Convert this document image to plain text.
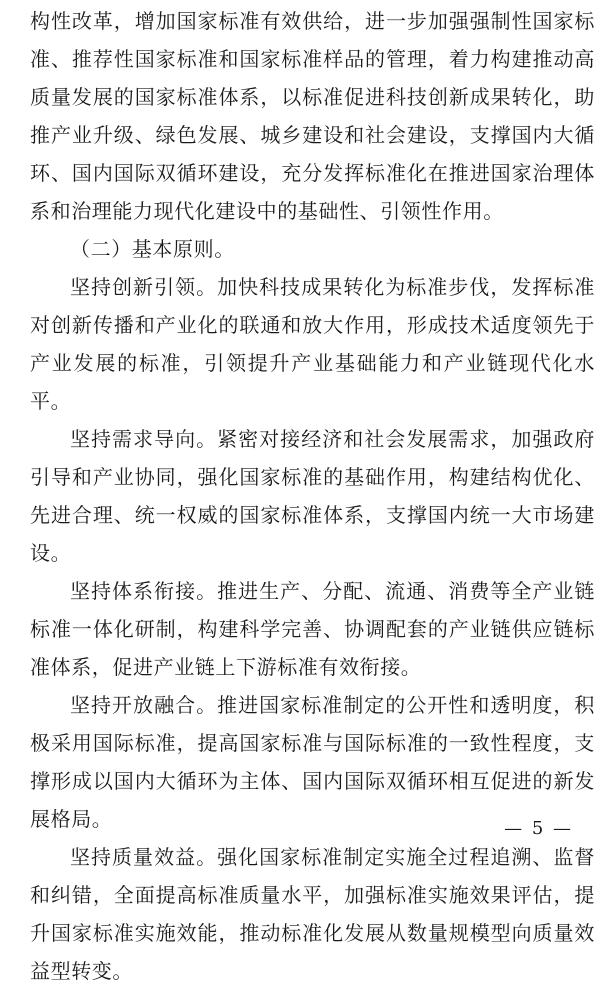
构性改革，增加国家标准有效供给，进一步加强强制性国家标准、推荐性国家标准和国家标准样品的管理，着力构建推动高质量发展的国家标准体系，以标准促进科技创新成果转化，助推产业升级、绿色发展、城乡建设和社会建设，支撑国内大循环、国内国际双循环建设，充分发挥标准化在推进国家治理体系和治理能力现代化建设中的基础性、引领性作用。

（二）基本原则。

坚持创新引领。加快科技成果转化为标准步伐，发挥标准对创新传播和产业化的联通和放大作用，形成技术适度领先于产业发展的标准，引领提升产业基础能力和产业链现代化水平。

坚持需求导向。紧密对接经济和社会发展需求，加强政府引导和产业协同，强化国家标准的基础作用，构建结构优化、先进合理、统一权威的国家标准体系，支撑国内统一大市场建设。

坚持体系衔接。推进生产、分配、流通、消费等全产业链标准一体化研制，构建科学完善、协调配套的产业链供应链标准体系，促进产业链上下游标准有效衔接。

坚持开放融合。推进国家标准制定的公开性和透明度，积极采用国际标准，提高国家标准与国际标准的一致性程度，支撑形成以国内大循环为主体、国内国际双循环相互促进的新发展格局。

坚持质量效益。强化国家标准制定实施全过程追溯、监督和纠错，全面提高标准质量水平，加强标准实施效果评估，提升国家标准实施效能，推动标准化发展从数量规模型向质量效益型转变。

— 5 —
